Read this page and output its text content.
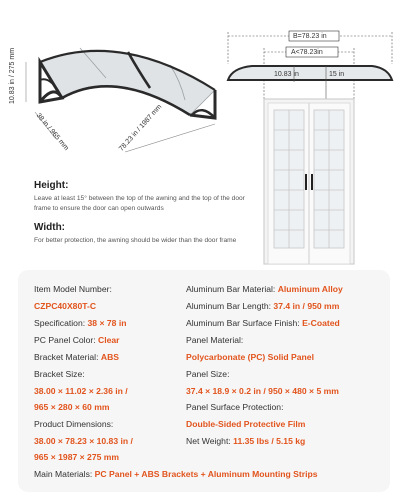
10.83 in / 275 mm
38 in / 965 mm	78.23 in / 1987 mm
B=78.23 in
A<78.23in
10.83 in	15 in
Height:
Leave at least 15° between the top of the awning and the top of the door frame to ensure the door can open outwards
Width:
For better protection, the awning should be wider than the door frame
Item Model Number:
CZPC40X80T-C
Specification: 38 × 78 in
PC Panel Color: Clear
Bracket Material: ABS
Bracket Size:
38.00 × 11.02 × 2.36 in /
965 × 280 × 60 mm
Product Dimensions:
38.00 × 78.23 × 10.83 in /
965 × 1987 × 275 mm
Aluminum Bar Material: Aluminum Alloy
Aluminum Bar Length: 37.4 in / 950 mm
Aluminum Bar Surface Finish: E-Coated
Panel Material:
Polycarbonate (PC) Solid Panel
Panel Size:
37.4 × 18.9 × 0.2 in / 950 × 480 × 5 mm
Panel Surface Protection:
Double-Sided Protective Film
Net Weight: 11.35 lbs / 5.15 kg
Main Materials: PC Panel + ABS Brackets + Aluminum Mounting Strips
